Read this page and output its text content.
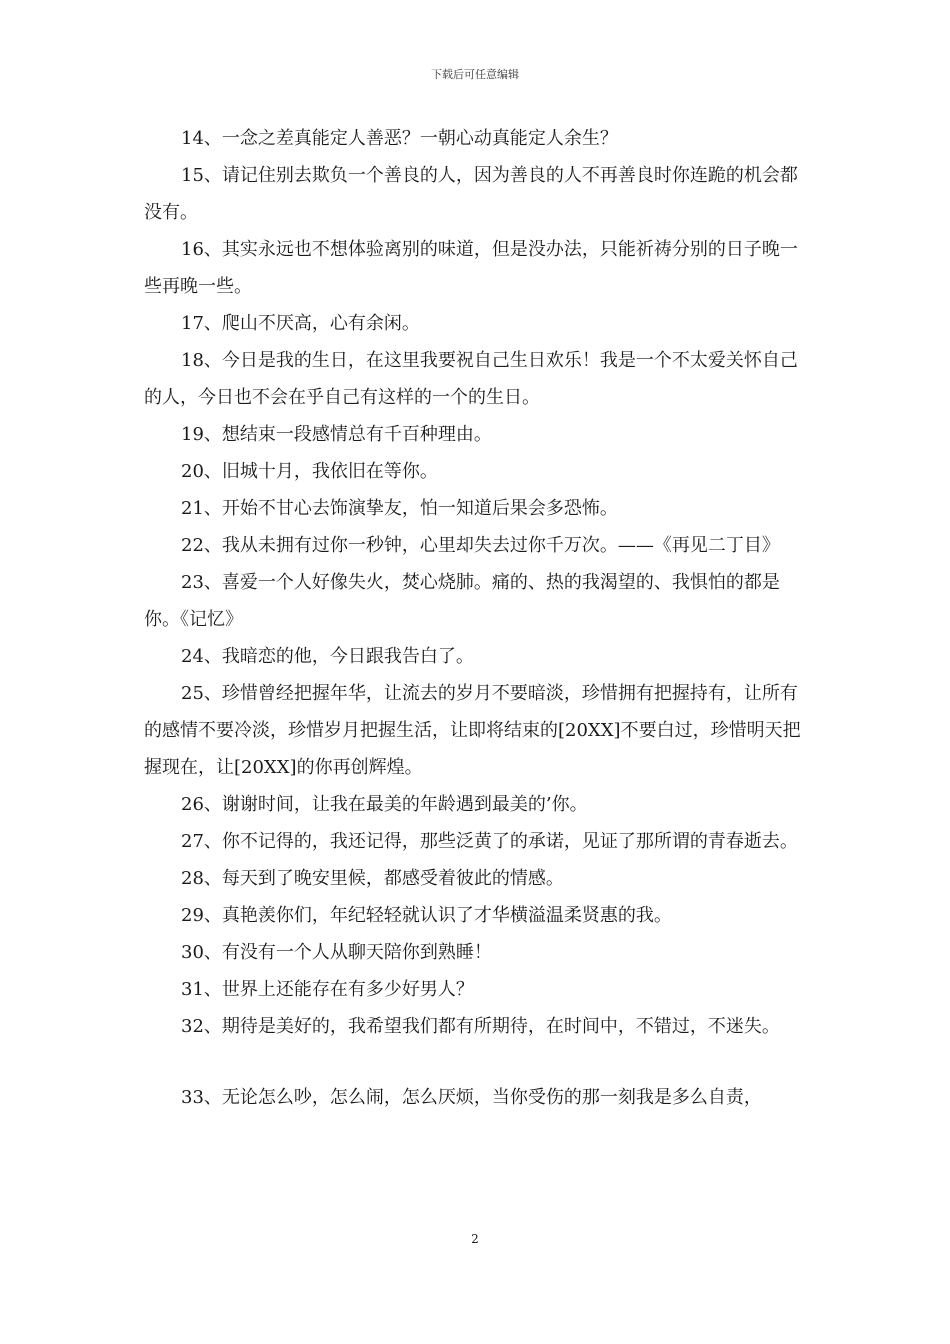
下载后可任意编辑

14、一念之差真能定人善恶？一朝心动真能定人余生？

15、请记住别去欺负一个善良的人，因为善良的人不再善良时你连跪的机会都没有。

16、其实永远也不想体验离别的味道，但是没办法，只能祈祷分别的日子晚一些再晚一些。

17、爬山不厌高，心有余闲。

18、今日是我的生日，在这里我要祝自己生日欢乐！我是一个不太爱关怀自己的人，今日也不会在乎自己有这样的一个的生日。

19、想结束一段感情总有千百种理由。

20、旧城十月，我依旧在等你。

21、开始不甘心去饰演挚友，怕一知道后果会多恐怖。

22、我从未拥有过你一秒钟，心里却失去过你千万次。——《再见二丁目》

23、喜爱一个人好像失火，焚心烧肺。痛的、热的我渴望的、我惧怕的都是你。《记忆》

24、我暗恋的他，今日跟我告白了。

25、珍惜曾经把握年华，让流去的岁月不要暗淡，珍惜拥有把握持有，让所有的感情不要冷淡，珍惜岁月把握生活，让即将结束的[20XX]不要白过，珍惜明天把握现在，让[20XX]的你再创辉煌。

26、谢谢时间，让我在最美的年龄遇到最美的’你。

27、你不记得的，我还记得，那些泛黄了的承诺，见证了那所谓的青春逝去。

28、每天到了晚安里候，都感受着彼此的情感。

29、真艳羡你们，年纪轻轻就认识了才华横溢温柔贤惠的我。

30、有没有一个人从聊天陪你到熟睡！

31、世界上还能存在有多少好男人？

32、期待是美好的，我希望我们都有所期待，在时间中，不错过，不迷失。

33、无论怎么吵，怎么闹，怎么厌烦，当你受伤的那一刻我是多么自责，

2
